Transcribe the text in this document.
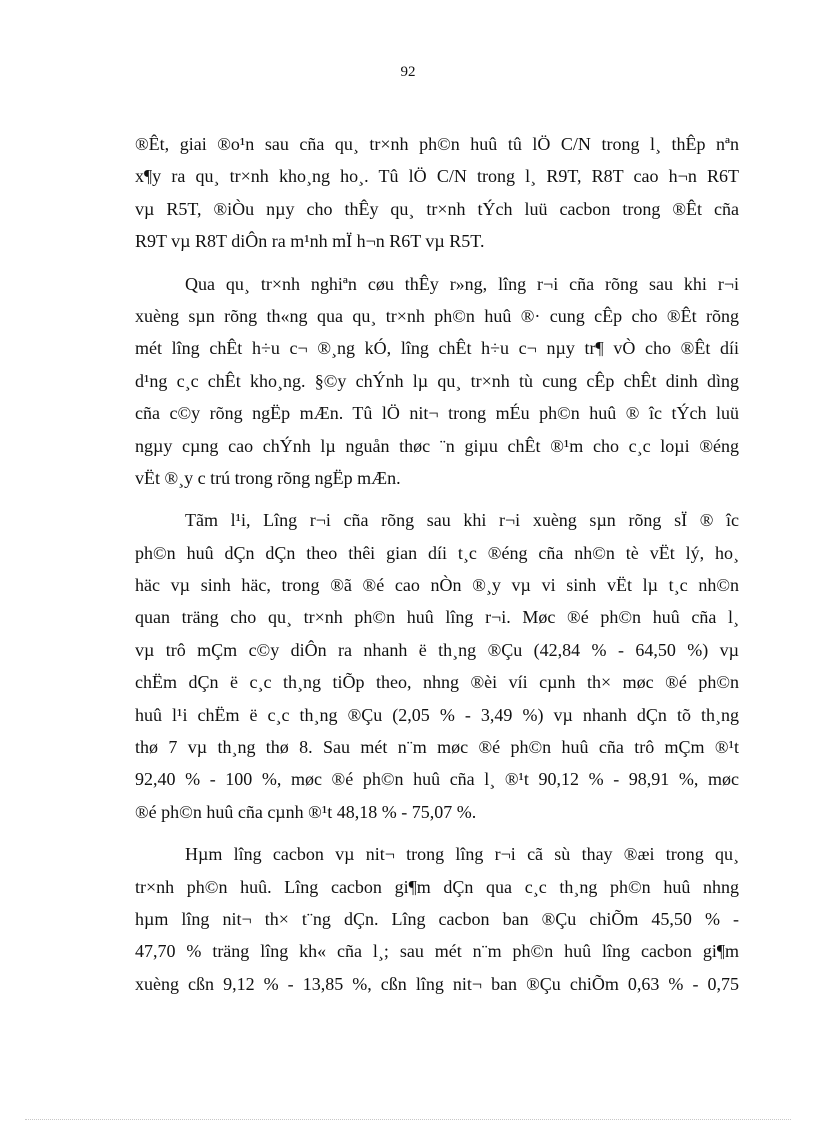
92
®Êt, giai ®o¹n sau cña qu¸ tr×nh ph©n huû tû lÖ C/N trong l¸ thÊp nªn
x¶y ra qu¸ tr×nh kho¸ng ho¸. Tû lÖ C/N trong l¸ R9T, R8T cao h¬n R6T
vµ R5T, ®iÒu nµy cho thÊy qu¸ tr×nh tÝch luü cacbon trong ®Êt cña
R9T vµ R8T diÔn ra m¹nh mÏ h¬n R6T vµ R5T.
Qua qu¸ tr×nh nghiªn cøu thÊy r»ng, lîng r¬i cña rõng sau khi r¬i
xuèng sµn rõng th«ng qua qu¸ tr×nh ph©n huû ®· cung cÊp cho ®Êt rõng
mét lîng chÊt h÷u c¬ ®¸ng kÓ, lîng chÊt h÷u c¬ nµy tr¶ vÒ cho ®Êt díi
d¹ng c¸c chÊt kho¸ng. §©y chÝnh lµ qu¸ tr×nh tù cung cÊp chÊt dinh dìng
cña c©y rõng ngËp mÆn. Tû lÖ nit¬ trong mÉu ph©n huû ® îc tÝch luü
ngµy cµng cao chÝnh lµ nguån thøc ¨n giµu chÊt ®¹m cho c¸c loµi ®éng
vËt ®¸y c trú trong rõng ngËp mÆn.
Tãm l¹i, Lîng r¬i cña rõng sau khi r¬i xuèng sµn rõng sÏ ® îc
ph©n huû dÇn dÇn theo thêi gian díi t¸c ®éng cña nh©n tè vËt lý, ho¸
häc vµ sinh häc, trong ®ã ®é cao nÒn ®¸y vµ vi sinh vËt lµ t¸c nh©n
quan träng cho qu¸ tr×nh ph©n huû lîng r¬i. Møc ®é ph©n huû cña l¸
vµ trô mÇm c©y diÔn ra nhanh ë th¸ng ®Çu (42,84 % - 64,50 %) vµ
chËm dÇn ë c¸c th¸ng tiÕp theo, nhng ®èi víi cµnh th× møc ®é ph©n
huû l¹i chËm ë c¸c th¸ng ®Çu (2,05 % - 3,49 %) vµ nhanh dÇn tõ th¸ng
thø 7 vµ th¸ng thø 8. Sau mét n¨m møc ®é ph©n huû cña trô mÇm ®¹t
92,40 % - 100 %, møc ®é ph©n huû cña l¸ ®¹t 90,12 % - 98,91 %, møc
®é ph©n huû cña cµnh ®¹t 48,18 % - 75,07 %.
Hµm lîng cacbon vµ nit¬ trong lîng r¬i cã sù thay ®æi trong qu¸
tr×nh ph©n huû. Lîng cacbon gi¶m dÇn qua c¸c th¸ng ph©n huû nhng
hµm lîng nit¬ th× t¨ng dÇn. Lîng cacbon ban ®Çu chiÕm 45,50 % -
47,70 % träng lîng kh« cña l¸; sau mét n¨m ph©n huû lîng cacbon gi¶m
xuèng cßn 9,12 % - 13,85 %, cßn lîng nit¬ ban ®Çu chiÕm 0,63 % - 0,75
